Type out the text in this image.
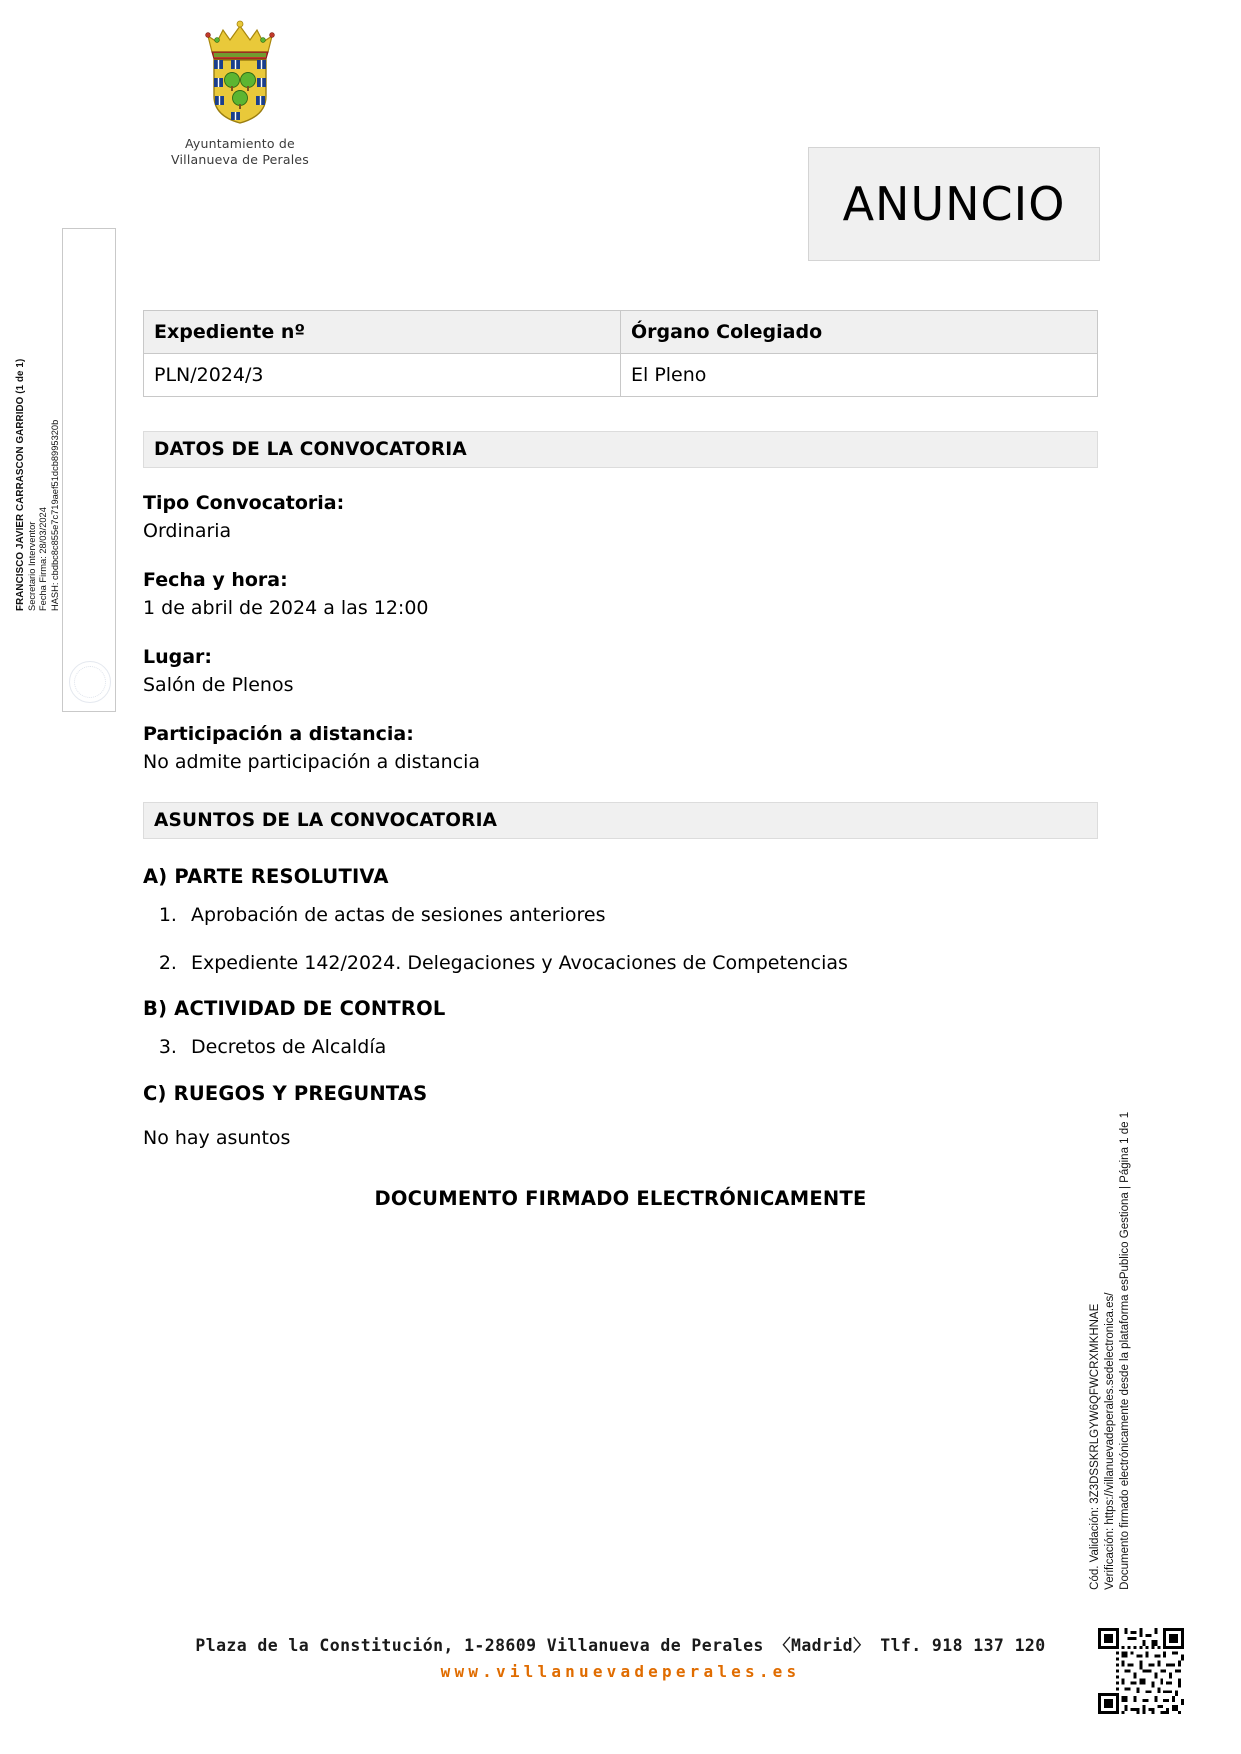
Ayuntamiento de
Villanueva de Perales
ANUNCIO
FRANCISCO JAVIER CARRASCON GARRIDO (1 de 1) Secretario Interventor Fecha Firma: 28/03/2024 HASH: cbdbc8c855e7c719aef51dcb8995320b
Expediente nº	Órgano Colegiado
PLN/2024/3	El Pleno
DATOS DE LA CONVOCATORIA
Tipo Convocatoria:
Ordinaria
Fecha y hora:
1 de abril de 2024 a las 12:00
Lugar:
Salón de Plenos
Participación a distancia:
No admite participación a distancia
ASUNTOS DE LA CONVOCATORIA
A) PARTE RESOLUTIVA
1. Aprobación de actas de sesiones anteriores
2. Expediente 142/2024. Delegaciones y Avocaciones de Competencias
B) ACTIVIDAD DE CONTROL
3. Decretos de Alcaldía
C) RUEGOS Y PREGUNTAS
No hay asuntos
DOCUMENTO FIRMADO ELECTRÓNICAMENTE
Cód. Validación: 3Z3DSSKRLGYW6QFWCRXMKHNAE Verificación: https://villanuevadeperales.sedelectronica.es/ Documento firmado electrónicamente desde la plataforma esPublico Gestiona | Página 1 de 1
Plaza de la Constitución, 1-28609 Villanueva de Perales 〈Madrid〉 Tlf. 918 137 120
www.villanuevadeperales.es
